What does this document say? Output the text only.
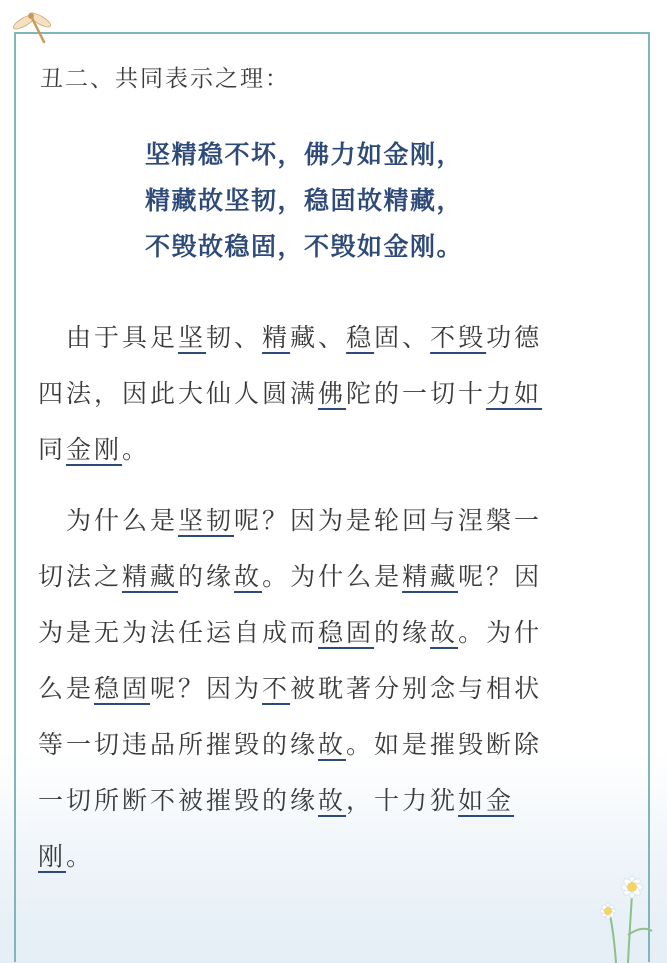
丑二、共同表示之理：
坚精稳不坏，佛力如金刚，
精藏故坚韧，稳固故精藏，
不毁故稳固，不毁如金刚。
　由于具足坚韧、精藏、稳固、不毁功德
四法，因此大仙人圆满佛陀的一切十力如
同金刚。
　为什么是坚韧呢？因为是轮回与涅槃一
切法之精藏的缘故。为什么是精藏呢？因
为是无为法任运自成而稳固的缘故。为什
么是稳固呢？因为不被耽著分别念与相状
等一切违品所摧毁的缘故。如是摧毁断除
一切所断不被摧毁的缘故，十力犹如金
刚。
